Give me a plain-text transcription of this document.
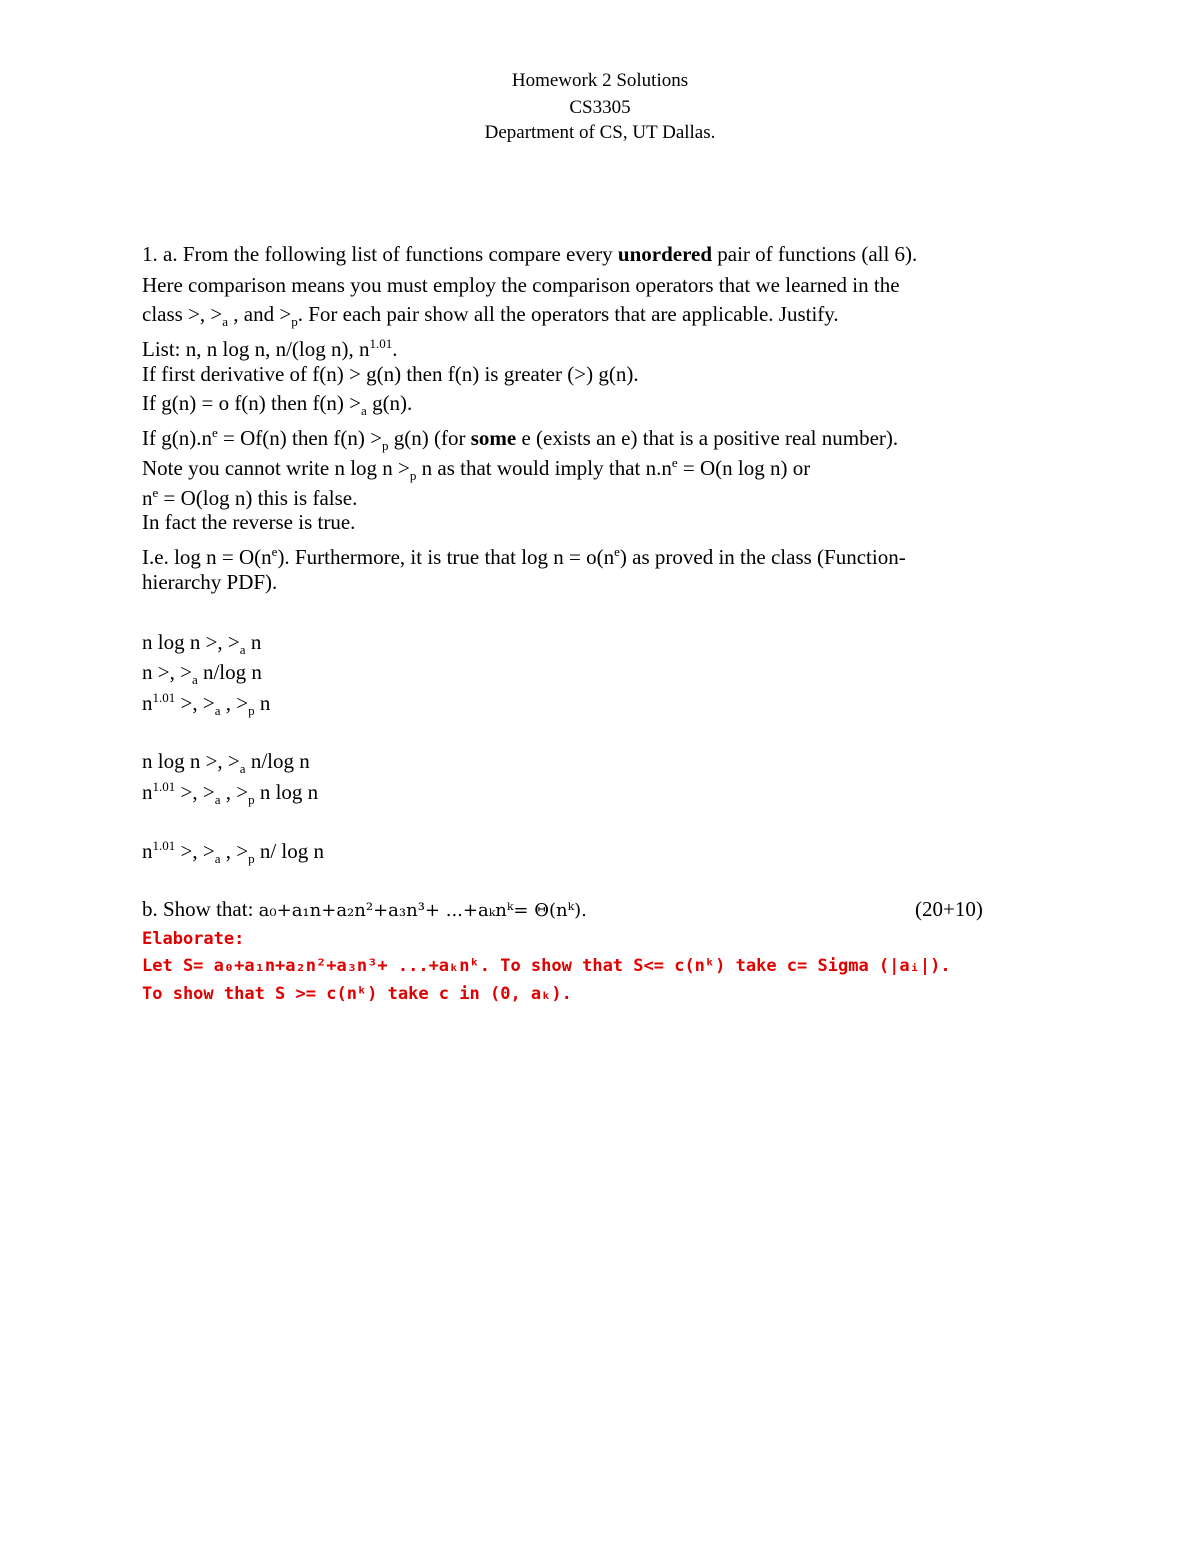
Homework 2 Solutions
CS3305
Department of CS, UT Dallas.
1. a. From the following list of functions compare every unordered pair of functions (all 6).
Here comparison means you must employ the comparison operators that we learned in the
class >, $>_a$ , and $>_p$. For each pair show all the operators that are applicable. Justify.
List: n, n log n, n/(log n), $n^{1.01}$.
If first derivative of f(n) > g(n) then f(n) is greater (>) g(n).
If g(n) = o f(n) then $f(n) >_a$ g(n).
If $g(n).n^e = Of(n)$ then $f(n) >_p$ g(n) (for some e (exists an e) that is a positive real number).
Note you cannot write n $\log n >_p$ n as that would imply that $n.n^e = O(n$ log n) or
$n^e = O(\log$ n) this is false.
In fact the reverse is true.
I.e. $\log n = O(n^e)$. Furthermore, it is true that $\log n = o(n^e)$ as proved in the class (Function-
hierarchy PDF).
n log n >, $>_a$ n
n >, $>_a$ n/log n
$n^{1.01}$ >, $>_a$ , $>_p$ n
n log n >, $>_a$ n/log n
$n^{1.01}$ >, $>_a$ , $>_p$ n log n
$n^{1.01}$ >, $>_a$ , $>_p$ n/ log n
b. Show that: a₀+a₁n+a₂n²+a₃n³+ ...+aₖnᵏ= Θ(nᵏ).	(20+10)
Elaborate:
Let S= a₀+a₁n+a₂n²+a₃n³+ ...+aₖnᵏ. To show that S<= c(nᵏ) take c= Sigma (|aᵢ|).
To show that S >= c(nᵏ) take c in (0, aₖ).
